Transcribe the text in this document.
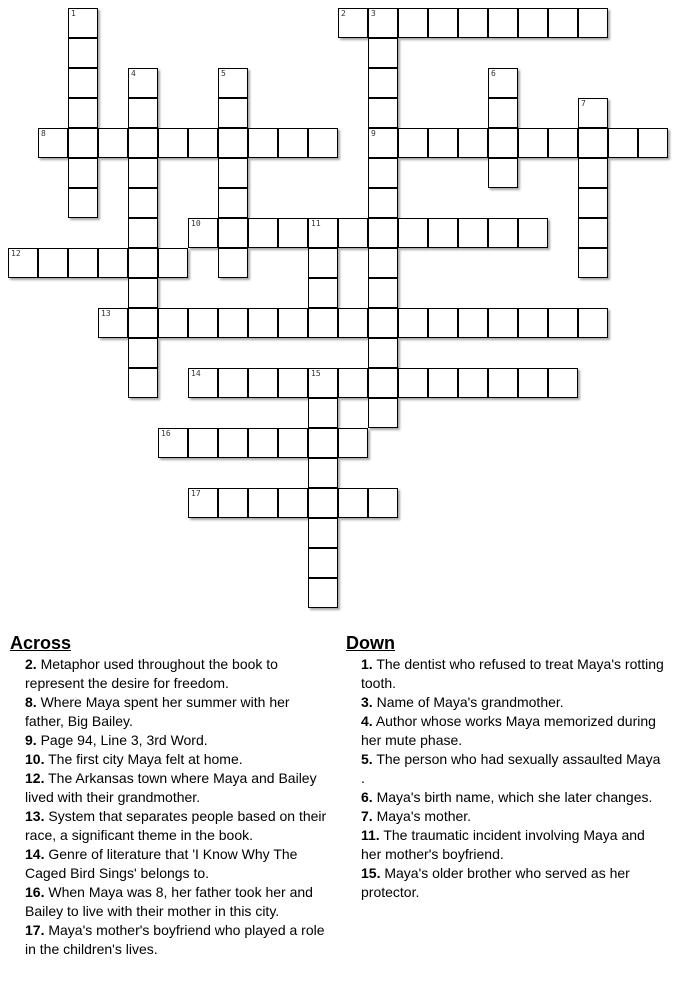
1	2	3
4	5	6
7
8	9
10	11
12
13
14	15
16
17
Across
2. Metaphor used throughout the book to represent the desire for freedom.
8. Where Maya spent her summer with her father, Big Bailey.
9. Page 94, Line 3, 3rd Word.
10. The first city Maya felt at home.
12. The Arkansas town where Maya and Bailey lived with their grandmother.
13. System that separates people based on their race, a significant theme in the book.
14. Genre of literature that 'I Know Why The Caged Bird Sings' belongs to.
16. When Maya was 8, her father took her and Bailey to live with their mother in this city.
17. Maya's mother's boyfriend who played a role in the children's lives.
Down
1. The dentist who refused to treat Maya's rotting tooth.
3. Name of Maya's grandmother.
4. Author whose works Maya memorized during her mute phase.
5. The person who had sexually assaulted Maya .
6. Maya's birth name, which she later changes.
7. Maya's mother.
11. The traumatic incident involving Maya and her mother's boyfriend.
15. Maya's older brother who served as her protector.
